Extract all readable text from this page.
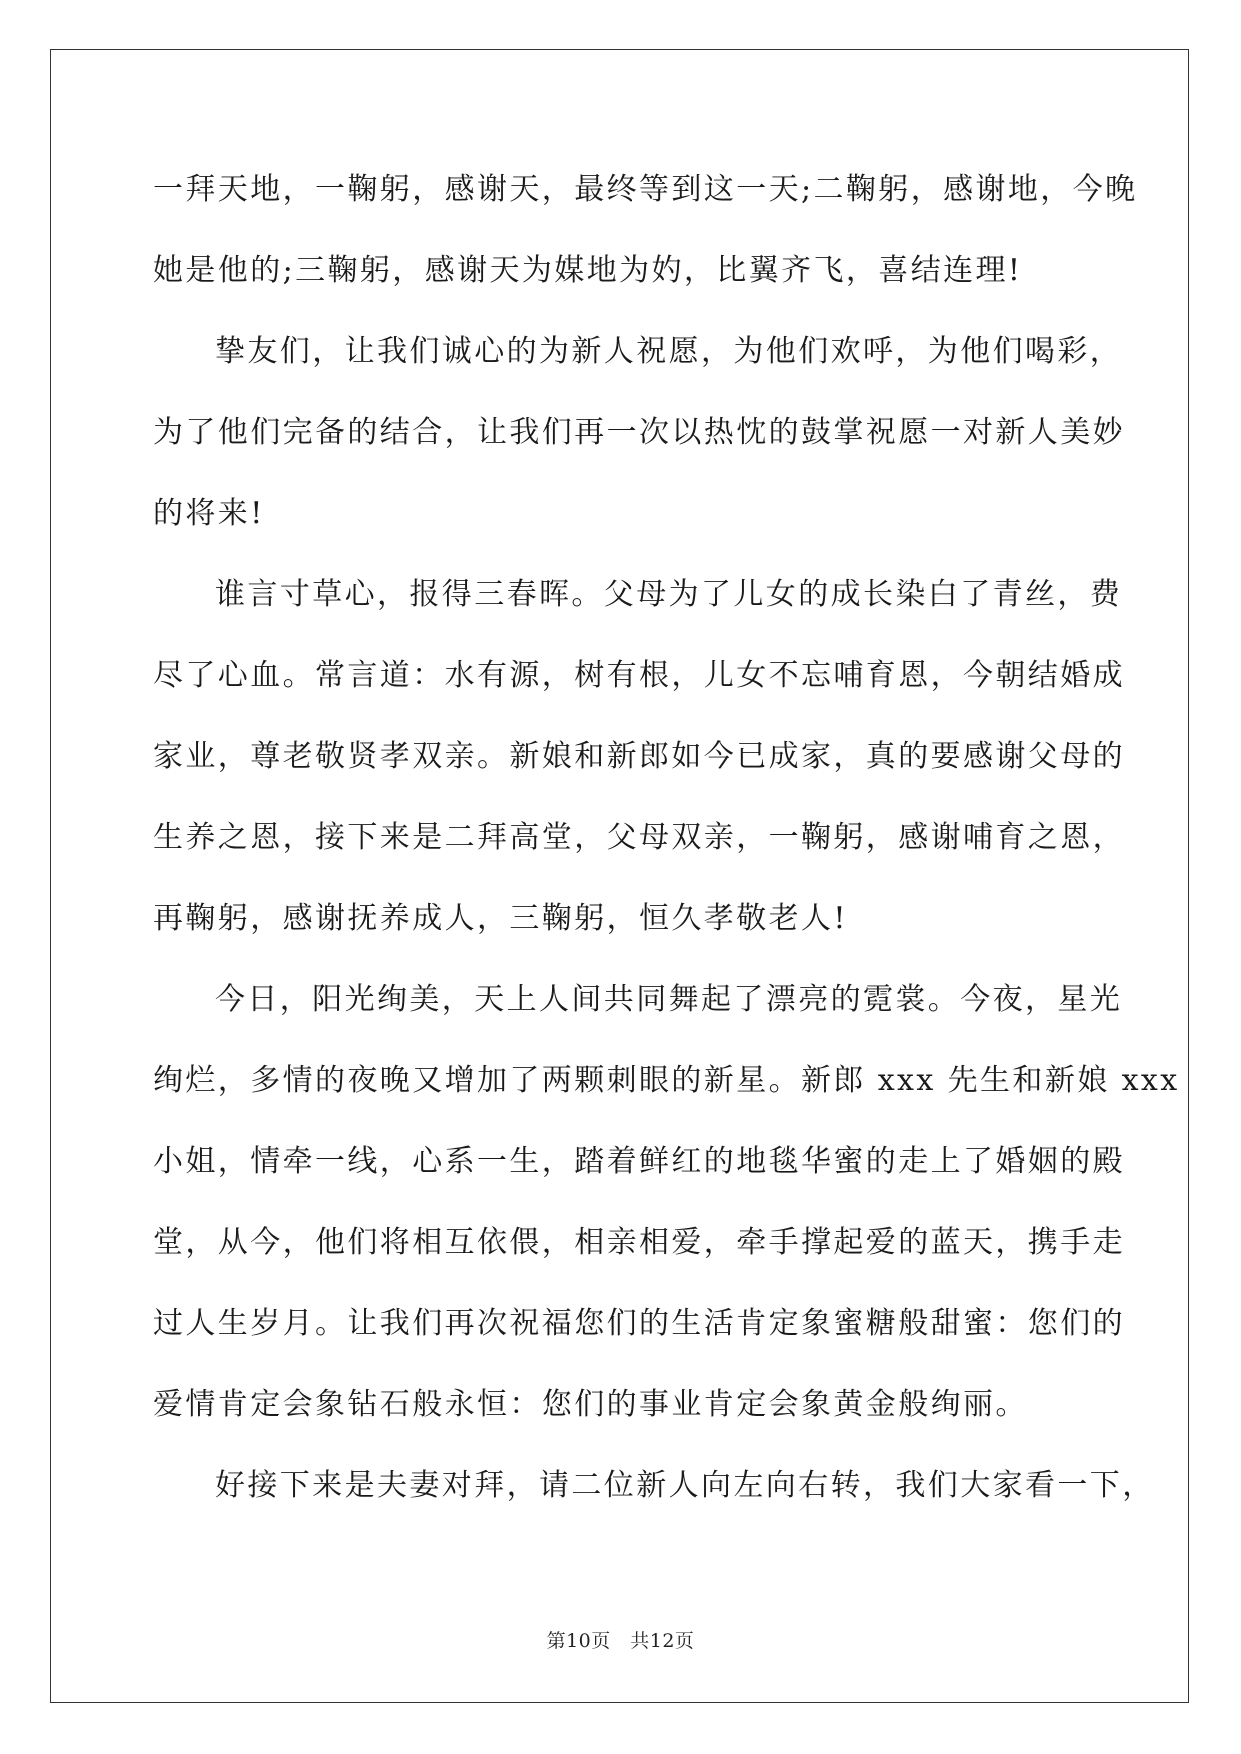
一拜天地，一鞠躬，感谢天，最终等到这一天;二鞠躬，感谢地，今晚
她是他的;三鞠躬，感谢天为媒地为妁，比翼齐飞，喜结连理!
挚友们，让我们诚心的为新人祝愿，为他们欢呼，为他们喝彩，
为了他们完备的结合，让我们再一次以热忱的鼓掌祝愿一对新人美妙
的将来!
谁言寸草心，报得三春晖。父母为了儿女的成长染白了青丝，费
尽了心血。常言道：水有源，树有根，儿女不忘哺育恩，今朝结婚成
家业，尊老敬贤孝双亲。新娘和新郎如今已成家，真的要感谢父母的
生养之恩，接下来是二拜高堂，父母双亲，一鞠躬，感谢哺育之恩，
再鞠躬，感谢抚养成人，三鞠躬，恒久孝敬老人!
今日，阳光绚美，天上人间共同舞起了漂亮的霓裳。今夜，星光
绚烂，多情的夜晚又增加了两颗刺眼的新星。新郎 xxx 先生和新娘 xxx
小姐，情牵一线，心系一生，踏着鲜红的地毯华蜜的走上了婚姻的殿
堂，从今，他们将相互依偎，相亲相爱，牵手撑起爱的蓝天，携手走
过人生岁月。让我们再次祝福您们的生活肯定象蜜糖般甜蜜：您们的
爱情肯定会象钻石般永恒：您们的事业肯定会象黄金般绚丽。
好接下来是夫妻对拜，请二位新人向左向右转，我们大家看一下，
第10页　共12页
